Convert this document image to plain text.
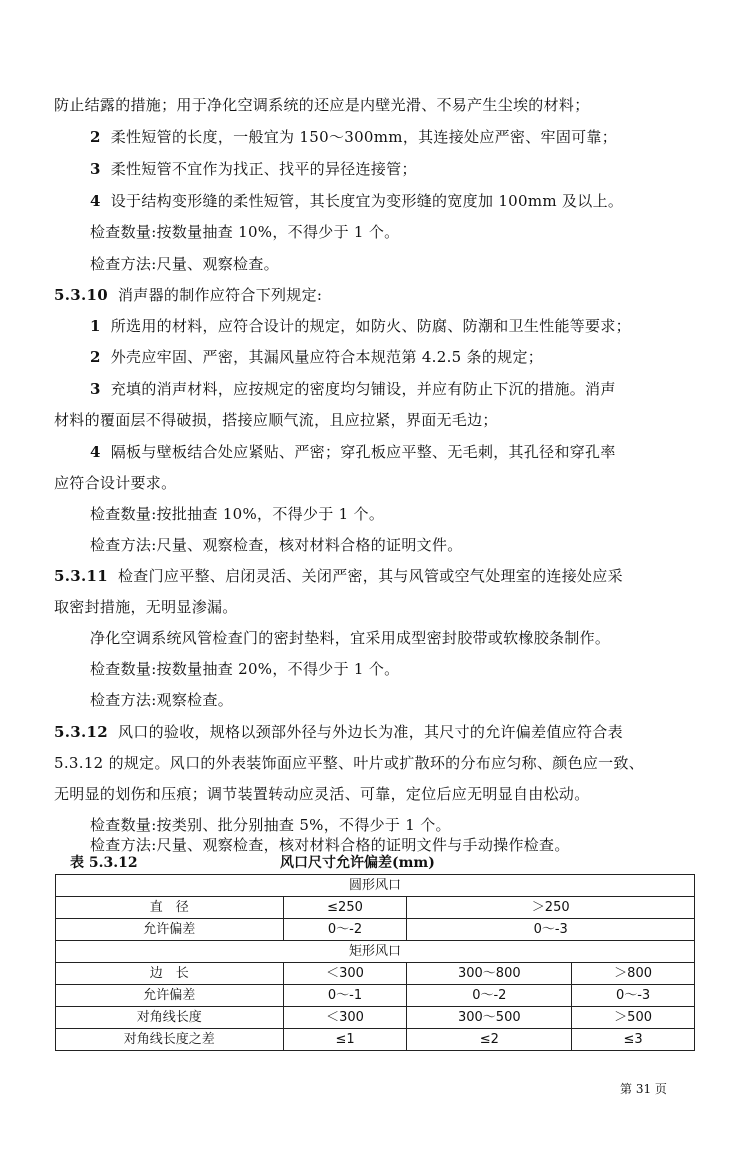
防止结露的措施；用于净化空调系统的还应是内壁光滑、不易产生尘埃的材料；
2 柔性短管的长度，一般宜为 150～300mm，其连接处应严密、牢固可靠；
3 柔性短管不宜作为找正、找平的异径连接管；
4 设于结构变形缝的柔性短管，其长度宜为变形缝的宽度加 100mm 及以上。
检查数量:按数量抽查 10%，不得少于 1 个。
检查方法:尺量、观察检查。
5.3.10 消声器的制作应符合下列规定:
1 所选用的材料，应符合设计的规定，如防火、防腐、防潮和卫生性能等要求；
2 外壳应牢固、严密，其漏风量应符合本规范第 4.2.5 条的规定；
3 充填的消声材料，应按规定的密度均匀铺设，并应有防止下沉的措施。消声
材料的覆面层不得破损，搭接应顺气流，且应拉紧，界面无毛边；
4 隔板与壁板结合处应紧贴、严密；穿孔板应平整、无毛刺，其孔径和穿孔率
应符合设计要求。
检查数量:按批抽查 10%，不得少于 1 个。
检查方法:尺量、观察检查，核对材料合格的证明文件。
5.3.11 检查门应平整、启闭灵活、关闭严密，其与风管或空气处理室的连接处应采
取密封措施，无明显渗漏。
净化空调系统风管检查门的密封垫料，宜采用成型密封胶带或软橡胶条制作。
检查数量:按数量抽查 20%，不得少于 1 个。
检查方法:观察检查。
5.3.12 风口的验收，规格以颈部外径与外边长为准，其尺寸的允许偏差值应符合表
5.3.12 的规定。风口的外表装饰面应平整、叶片或扩散环的分布应匀称、颜色应一致、
无明显的划伤和压痕；调节装置转动应灵活、可靠，定位后应无明显自由松动。
检查数量:按类别、批分别抽查 5%，不得少于 1 个。
检查方法:尺量、观察检查，核对材料合格的证明文件与手动操作检查。
表 5.3.12	风口尺寸允许偏差(mm)
圆形风口			
直　径	≤250	＞250	
允许偏差	0～-2	0～-3	
矩形风口			
边　长	＜300	300～800	＞800
允许偏差	0～-1	0～-2	0～-3
对角线长度	＜300	300～500	＞500
对角线长度之差	≤1	≤2	≤3
第 31 页
